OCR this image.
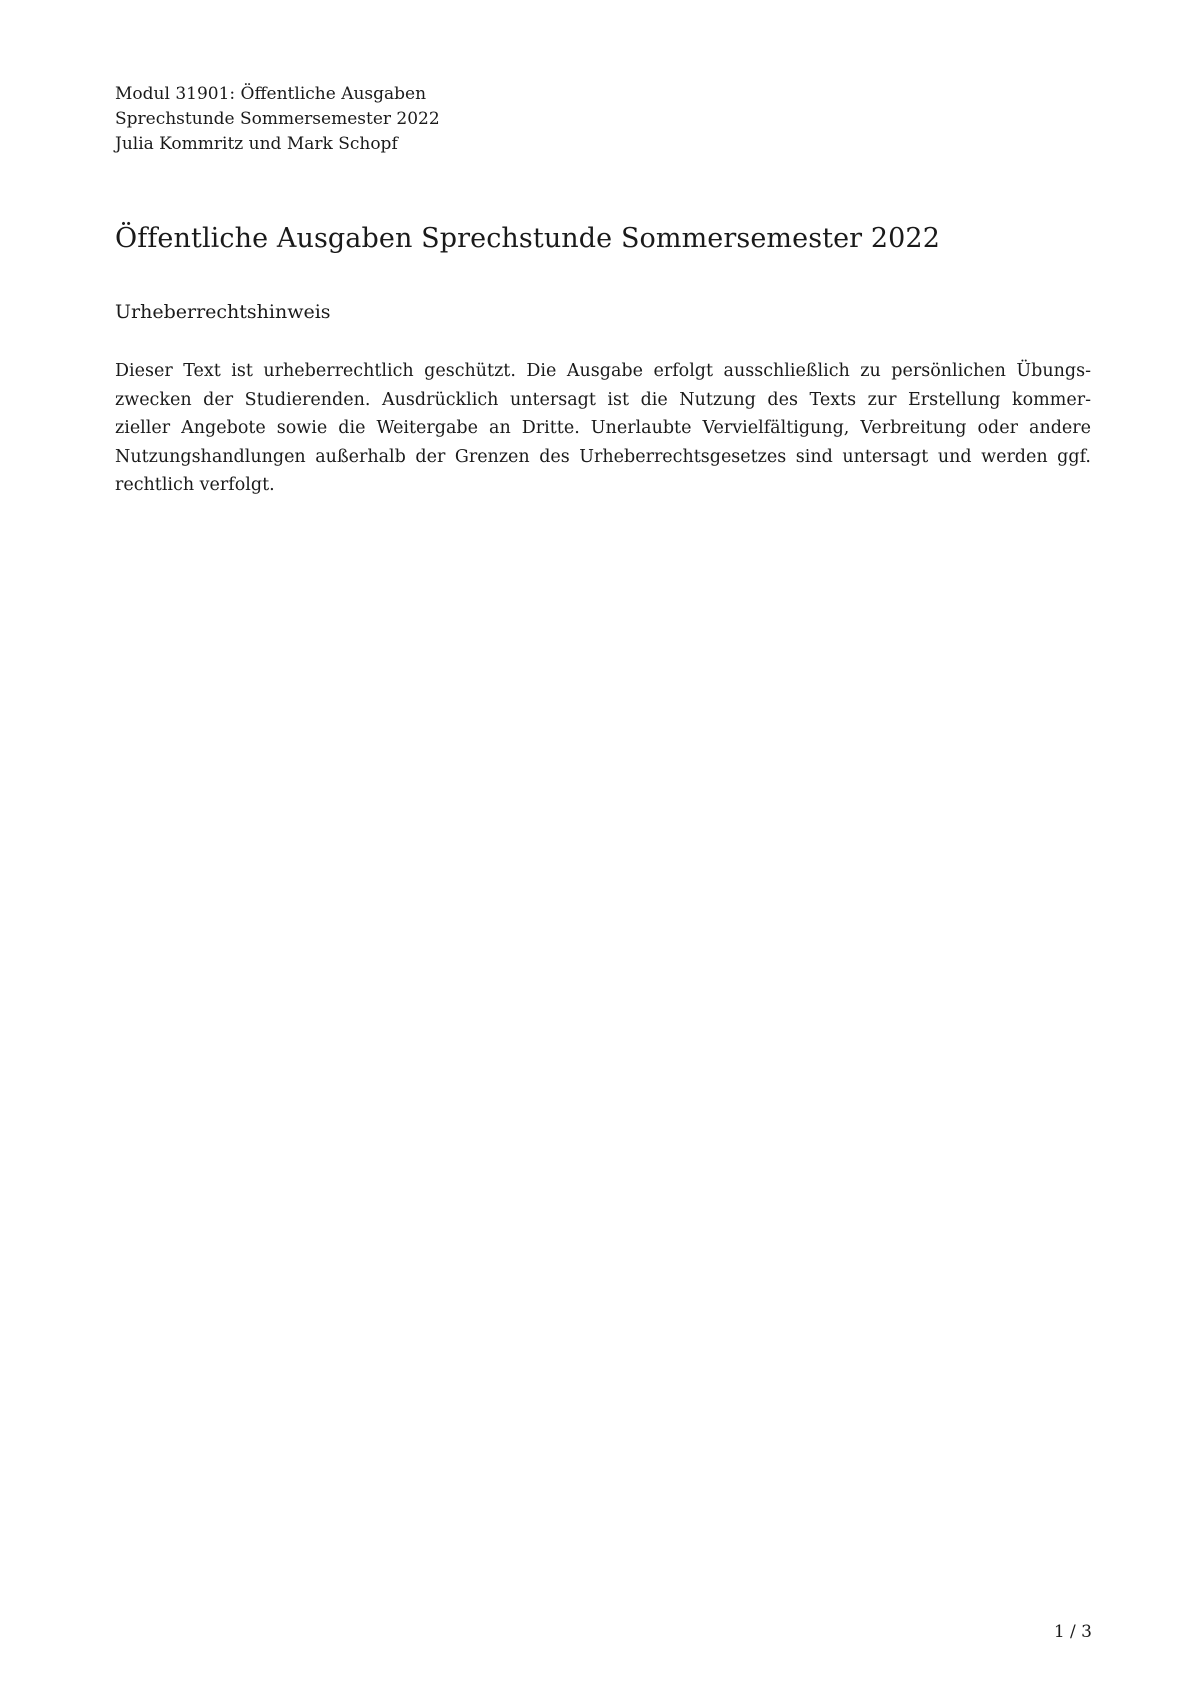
Modul 31901: Öffentliche Ausgaben
Sprechstunde Sommersemester 2022
Julia Kommritz und Mark Schopf
Öffentliche Ausgaben Sprechstunde Sommersemester 2022
Urheberrechtshinweis

Dieser Text ist urheberrechtlich geschützt. Die Ausgabe erfolgt ausschließlich zu persönlichen Übungs-
zwecken der Studierenden. Ausdrücklich untersagt ist die Nutzung des Texts zur Erstellung kommer-
zieller Angebote sowie die Weitergabe an Dritte. Unerlaubte Vervielfältigung, Verbreitung oder andere
Nutzungshandlungen außerhalb der Grenzen des Urheberrechtsgesetzes sind untersagt und werden ggf.
rechtlich verfolgt.

1 / 3
